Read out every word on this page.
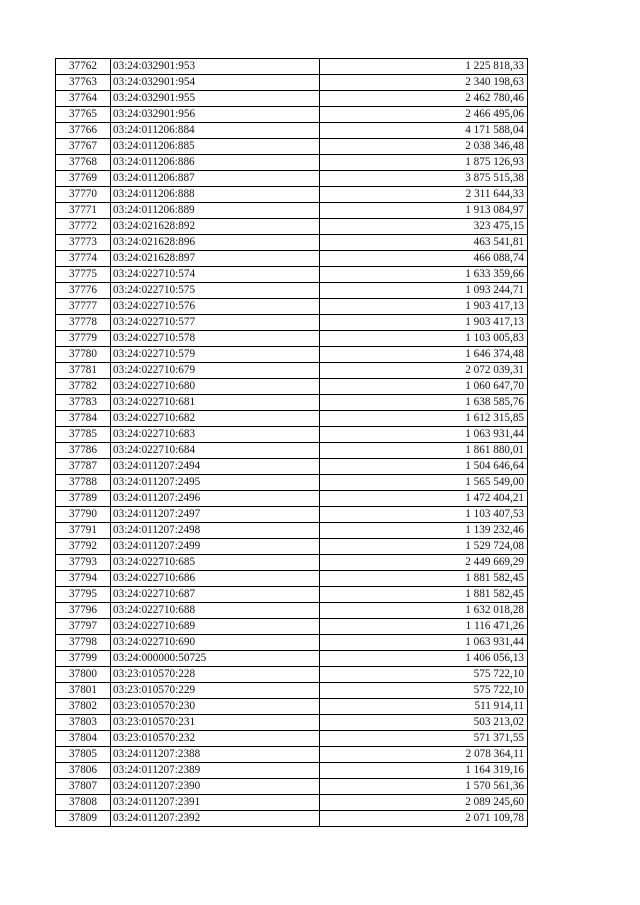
37762	03:24:032901:953	1 225 818,33
37763	03:24:032901:954	2 340 198,63
37764	03:24:032901:955	2 462 780,46
37765	03:24:032901:956	2 466 495,06
37766	03:24:011206:884	4 171 588,04
37767	03:24:011206:885	2 038 346,48
37768	03:24:011206:886	1 875 126,93
37769	03:24:011206:887	3 875 515,38
37770	03:24:011206:888	2 311 644,33
37771	03:24:011206:889	1 913 084,97
37772	03:24:021628:892	323 475,15
37773	03:24:021628:896	463 541,81
37774	03:24:021628:897	466 088,74
37775	03:24:022710:574	1 633 359,66
37776	03:24:022710:575	1 093 244,71
37777	03:24:022710:576	1 903 417,13
37778	03:24:022710:577	1 903 417,13
37779	03:24:022710:578	1 103 005,83
37780	03:24:022710:579	1 646 374,48
37781	03:24:022710:679	2 072 039,31
37782	03:24:022710:680	1 060 647,70
37783	03:24:022710:681	1 638 585,76
37784	03:24:022710:682	1 612 315,85
37785	03:24:022710:683	1 063 931,44
37786	03:24:022710:684	1 861 880,01
37787	03:24:011207:2494	1 504 646,64
37788	03:24:011207:2495	1 565 549,00
37789	03:24:011207:2496	1 472 404,21
37790	03:24:011207:2497	1 103 407,53
37791	03:24:011207:2498	1 139 232,46
37792	03:24:011207:2499	1 529 724,08
37793	03:24:022710:685	2 449 669,29
37794	03:24:022710:686	1 881 582,45
37795	03:24:022710:687	1 881 582,45
37796	03:24:022710:688	1 632 018,28
37797	03:24:022710:689	1 116 471,26
37798	03:24:022710:690	1 063 931,44
37799	03:24:000000:50725	1 406 056,13
37800	03:23:010570:228	575 722,10
37801	03:23:010570:229	575 722,10
37802	03:23:010570:230	511 914,11
37803	03:23:010570:231	503 213,02
37804	03:23:010570:232	571 371,55
37805	03:24:011207:2388	2 078 364,11
37806	03:24:011207:2389	1 164 319,16
37807	03:24:011207:2390	1 570 561,36
37808	03:24:011207:2391	2 089 245,60
37809	03:24:011207:2392	2 071 109,78
